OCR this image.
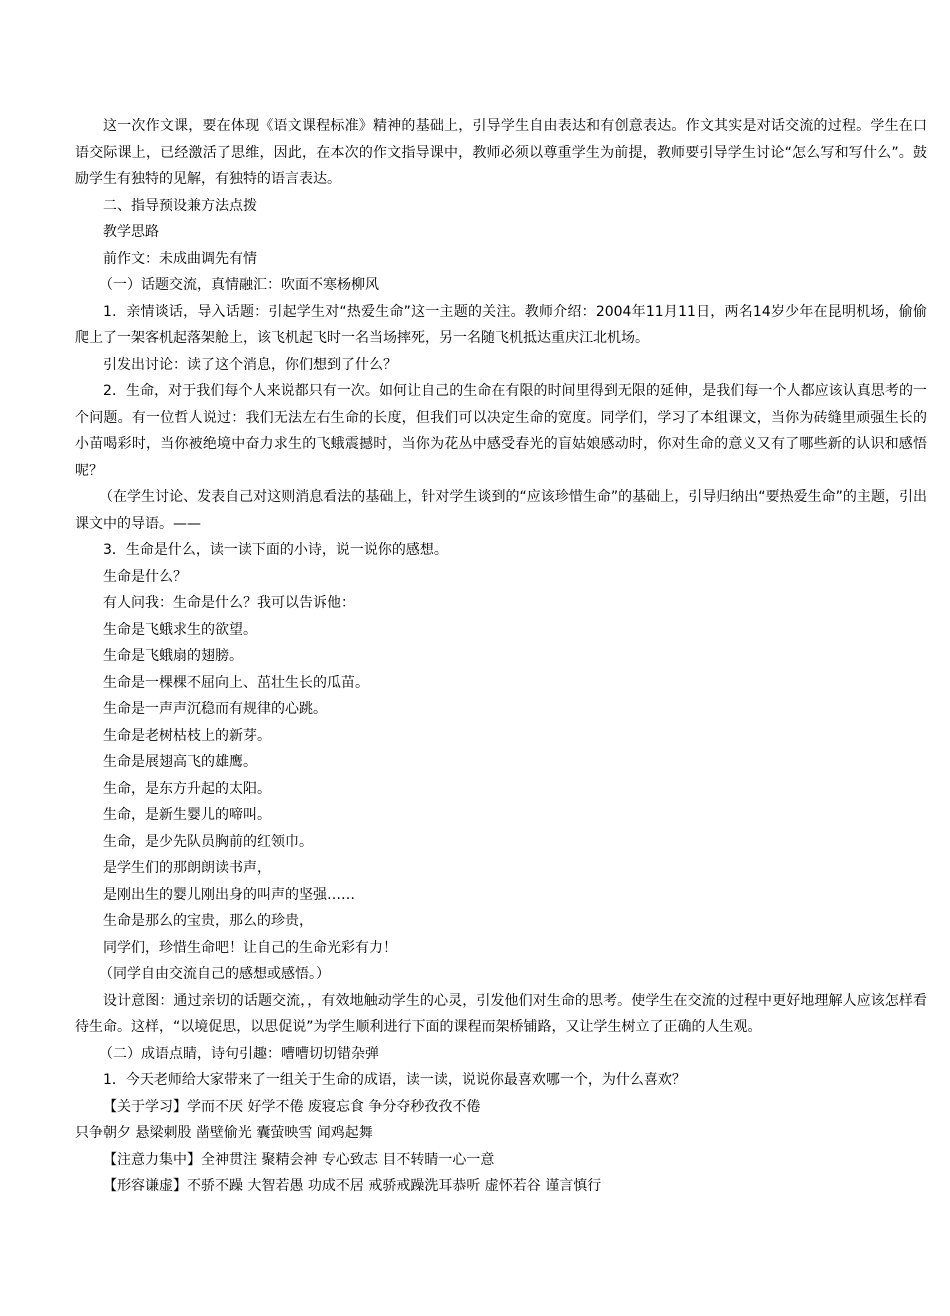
这一次作文课，要在体现《语文课程标准》精神的基础上，引导学生自由表达和有创意表达。作文其实是对话交流的过程。学生在口语交际课上，已经激活了思维，因此，在本次的作文指导课中，教师必须以尊重学生为前提，教师要引导学生讨论“怎么写和写什么”。鼓励学生有独特的见解，有独特的语言表达。

二、指导预设兼方法点拨

教学思路

前作文：未成曲调先有情

（一）话题交流，真情融汇：吹面不寒杨柳风

1．亲情谈话，导入话题：引起学生对“热爱生命”这一主题的关注。教师介绍：2004年11月11日，两名14岁少年在昆明机场，偷偷爬上了一架客机起落架舱上，该飞机起飞时一名当场摔死，另一名随飞机抵达重庆江北机场。

引发出讨论：读了这个消息，你们想到了什么？

2．生命，对于我们每个人来说都只有一次。如何让自己的生命在有限的时间里得到无限的延伸，是我们每一个人都应该认真思考的一个问题。有一位哲人说过：我们无法左右生命的长度，但我们可以决定生命的宽度。同学们，学习了本组课文，当你为砖缝里顽强生长的小苗喝彩时，当你被绝境中奋力求生的飞蛾震撼时，当你为花丛中感受春光的盲姑娘感动时，你对生命的意义又有了哪些新的认识和感悟呢？

（在学生讨论、发表自己对这则消息看法的基础上，针对学生谈到的“应该珍惜生命”的基础上，引导归纳出“要热爱生命”的主题，引出课文中的导语。——

3．生命是什么，读一读下面的小诗，说一说你的感想。

生命是什么？

有人问我：生命是什么？我可以告诉他：

生命是飞蛾求生的欲望。

生命是飞蛾扇的翅膀。

生命是一棵棵不屈向上、茁壮生长的瓜苗。

生命是一声声沉稳而有规律的心跳。

生命是老树枯枝上的新芽。

生命是展翅高飞的雄鹰。

生命，是东方升起的太阳。

生命，是新生婴儿的啼叫。

生命，是少先队员胸前的红领巾。

是学生们的那朗朗读书声，

是刚出生的婴儿刚出身的叫声的坚强……

生命是那么的宝贵，那么的珍贵，

同学们，珍惜生命吧！让自己的生命光彩有力！

（同学自由交流自己的感想或感悟。）

设计意图：通过亲切的话题交流，，有效地触动学生的心灵，引发他们对生命的思考。使学生在交流的过程中更好地理解人应该怎样看待生命。这样，“以境促思，以思促说”为学生顺利进行下面的课程而架桥铺路，又让学生树立了正确的人生观。

（二）成语点睛，诗句引趣：嘈嘈切切错杂弹

1．今天老师给大家带来了一组关于生命的成语，读一读，说说你最喜欢哪一个，为什么喜欢？

【关于学习】学而不厌 好学不倦 废寝忘食 争分夺秒孜孜不倦

只争朝夕 悬梁刺股 凿壁偷光 囊萤映雪 闻鸡起舞

【注意力集中】全神贯注 聚精会神 专心致志 目不转睛一心一意

【形容谦虚】不骄不躁 大智若愚 功成不居 戒骄戒躁洗耳恭听 虚怀若谷 谨言慎行
